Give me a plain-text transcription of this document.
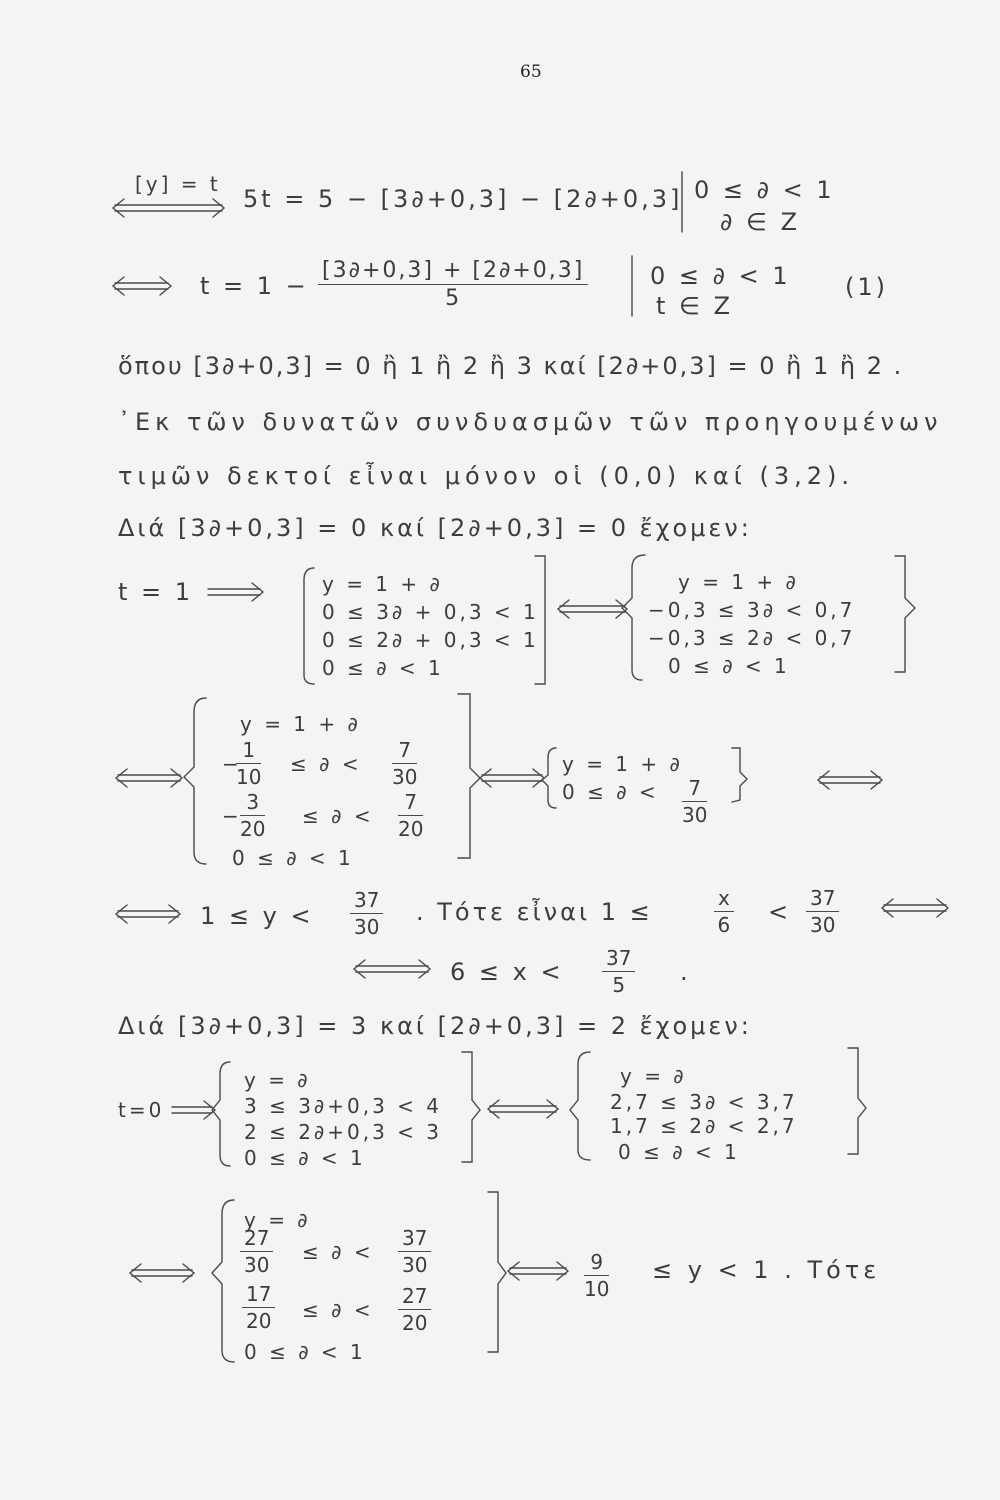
65
[y] = t
5t = 5 − [3∂+0,3] − [2∂+0,3] 0 ≤ ∂ < 1
∂ ∈ Z
$t = 1 - \frac{[3\partial+0,3] + [2\partial+0,3]}{5}$	0 ≤ ∂ < 1
t ∈ Z
(1)
ὅπου [3∂+0,3] = 0 ἢ 1 ἢ 2 ἢ 3 καί [2∂+0,3] = 0 ἢ 1 ἢ 2 .
᾿Εκ τῶν δυνατῶν συνδυασμῶν τῶν προηγουμένων
τιμῶν δεκτοί εἶναι μόνον οἱ (0,0) καί (3,2).
Διά [3∂+0,3] = 0 καί [2∂+0,3] = 0 ἔχομεν:
t = 1	y = 1 + ∂
0 ≤ 3∂ + 0,3 < 1
0 ≤ 2∂ + 0,3 < 1
0 ≤ ∂ < 1
y = 1 + ∂
−0,3 ≤ 3∂ < 0,7
−0,3 ≤ 2∂ < 0,7
0 ≤ ∂ < 1
y = 1 + ∂
−
$\frac{1}{10}$ ≤ ∂ < $\frac{7}{30}$
−
$\frac{3}{20}$ ≤ ∂ < $\frac{7}{20}$
0 ≤ ∂ < 1
y = 1 + ∂
0 ≤ ∂ < $\frac{7}{30}$
$1 \le y < \frac{37}{30}$ . Τότε εἶναι 1 ≤	$\frac{x}{6} < \frac{37}{30}$
$6 \le x < \frac{37}{5}$ .
Διά [3∂+0,3] = 3 καί [2∂+0,3] = 2 ἔχομεν:
t=0
y = ∂
3 ≤ 3∂+0,3 < 4
2 ≤ 2∂+0,3 < 3
0 ≤ ∂ < 1
y = ∂
2,7 ≤ 3∂ < 3,7
1,7 ≤ 2∂ < 2,7
0 ≤ ∂ < 1
y = ∂
$\frac{27}{30}$ ≤ ∂ < $\frac{37}{30}$
$\frac{17}{20}$ ≤ ∂ < $\frac{27}{20}$
0 ≤ ∂ < 1
$\frac{9}{10} \le y < 1$ . Τότε
